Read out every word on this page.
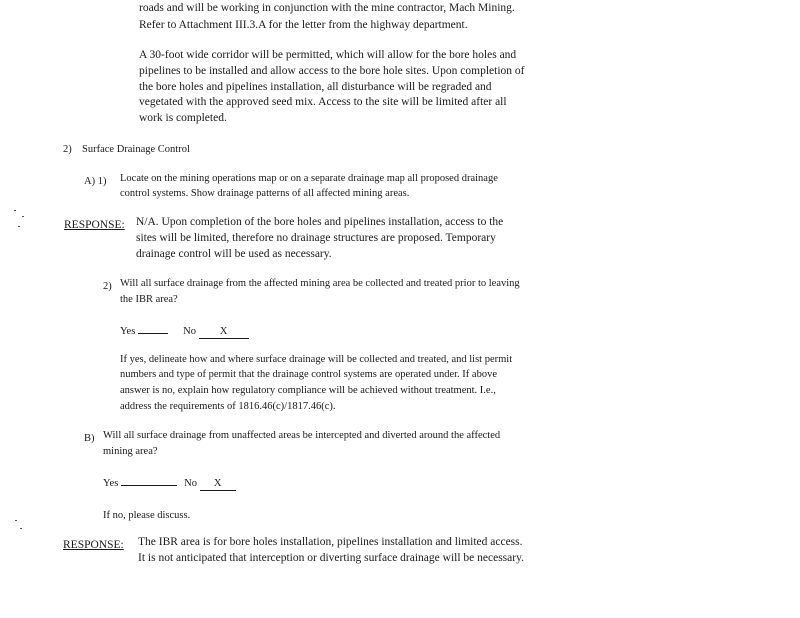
roads and will be working in conjunction with the mine contractor, Mach Mining.
Refer to Attachment III.3.A for the letter from the highway department.
A 30-foot wide corridor will be permitted, which will allow for the bore holes and
pipelines to be installed and allow access to the bore hole sites. Upon completion of
the bore holes and pipelines installation, all disturbance will be regraded and
vegetated with the approved seed mix. Access to the site will be limited after all
work is completed.
2) Surface Drainage Control
A) 1) Locate on the mining operations map or on a separate drainage map all proposed drainage
control systems. Show drainage patterns of all affected mining areas.
RESPONSE: N/A. Upon completion of the bore holes and pipelines installation, access to the
sites will be limited, therefore no drainage structures are proposed. Temporary
drainage control will be used as necessary.
2) Will all surface drainage from the affected mining area be collected and treated prior to leaving
the IBR area?
Yes	No X
If yes, delineate how and where surface drainage will be collected and treated, and list permit
numbers and type of permit that the drainage control systems are operated under. If above
answer is no, explain how regulatory compliance will be achieved without treatment. I.e.,
address the requirements of 1816.46(c)/1817.46(c).
B) Will all surface drainage from unaffected areas be intercepted and diverted around the affected
mining area?
Yes	No X
If no, please discuss.
RESPONSE: The IBR area is for bore holes installation, pipelines installation and limited access.
It is not anticipated that interception or diverting surface drainage will be necessary.
